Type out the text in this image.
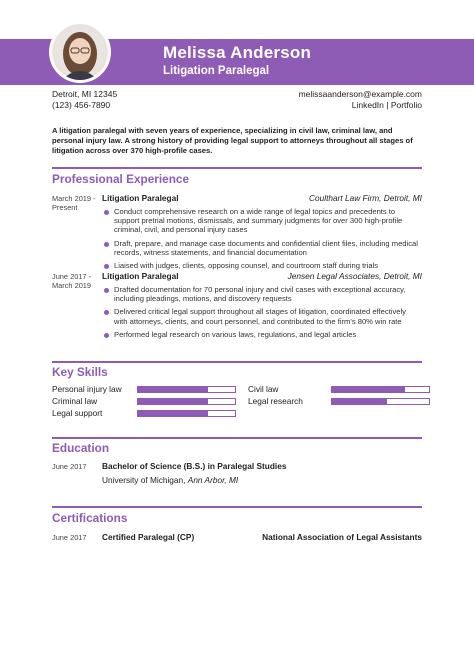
Melissa Anderson
Litigation Paralegal
Detroit, MI 12345
(123) 456-7890
melissaanderson@example.com
LinkedIn | Portfolio
A litigation paralegal with seven years of experience, specializing in civil law, criminal law, and personal injury law. A strong history of providing legal support to attorneys throughout all stages of litigation across over 370 high-profile cases.
Professional Experience
March 2019 - Present
Litigation Paralegal	Coulthart Law Firm, Detroit, MI
Conduct comprehensive research on a wide range of legal topics and precedents to support pretrial motions, dismissals, and summary judgments for over 300 high-profile criminal, civil, and personal injury cases
Draft, prepare, and manage case documents and confidential client files, including medical records, witness statements, and financial documentation
Liaised with judges, clients, opposing counsel, and courtroom staff during trials
June 2017 - March 2019
Litigation Paralegal	Jensen Legal Associates, Detroit, MI
Drafted documentation for 70 personal injury and civil cases with exceptional accuracy, including pleadings, motions, and discovery requests
Delivered critical legal support throughout all stages of litigation, coordinated effectively with attorneys, clients, and court personnel, and contributed to the firm's 80% win rate
Performed legal research on various laws, regulations, and legal articles
Key Skills
Personal injury law	Civil law
Criminal law	Legal research
Legal support
Education
June 2017	Bachelor of Science (B.S.) in Paralegal Studies
University of Michigan, Ann Arbor, MI
Certifications
June 2017	Certified Paralegal (CP)	National Association of Legal Assistants
